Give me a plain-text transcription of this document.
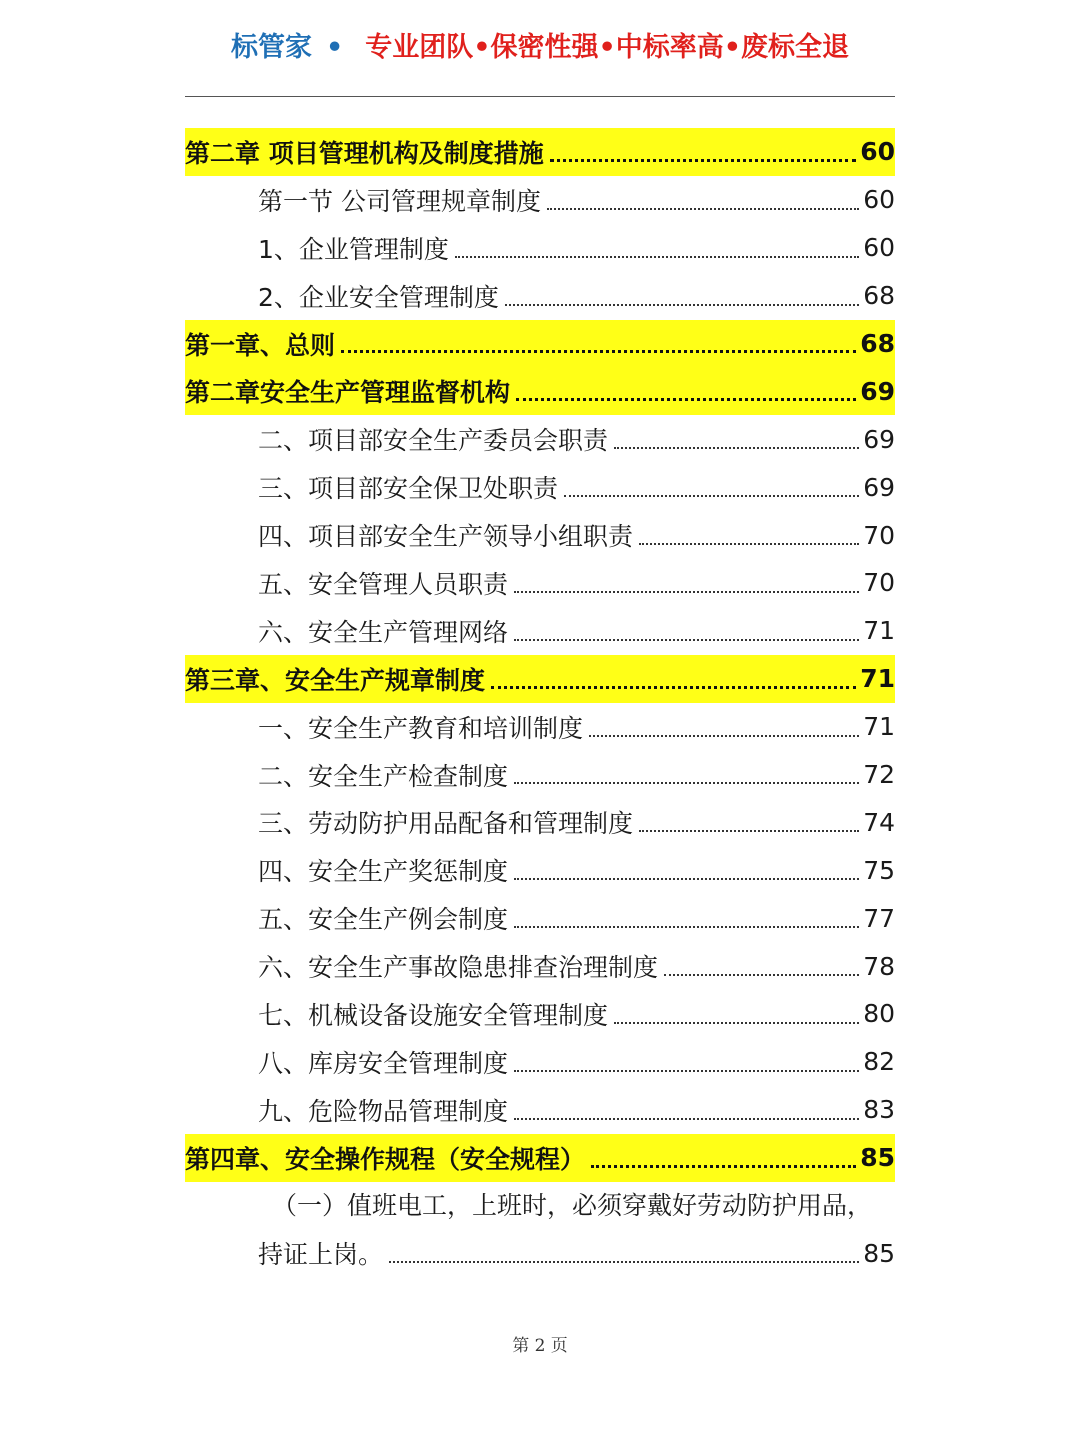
标管家 • 专业团队•保密性强•中标率高•废标全退
第二章 项目管理机构及制度措施	60
第一节 公司管理规章制度	60
1、企业管理制度	60
2、企业安全管理制度	68
第一章、总则	68
第二章安全生产管理监督机构	69
二、项目部安全生产委员会职责	69
三、项目部安全保卫处职责	69
四、项目部安全生产领导小组职责	70
五、安全管理人员职责	70
六、安全生产管理网络	71
第三章、安全生产规章制度	71
一、安全生产教育和培训制度	71
二、安全生产检查制度	72
三、劳动防护用品配备和管理制度	74
四、安全生产奖惩制度	75
五、安全生产例会制度	77
六、安全生产事故隐患排查治理制度	78
七、机械设备设施安全管理制度	80
八、库房安全管理制度	82
九、危险物品管理制度	83
第四章、安全操作规程（安全规程）	85
（一）值班电工，上班时，必须穿戴好劳动防护用品，
持证上岗。	85
第 2 页
